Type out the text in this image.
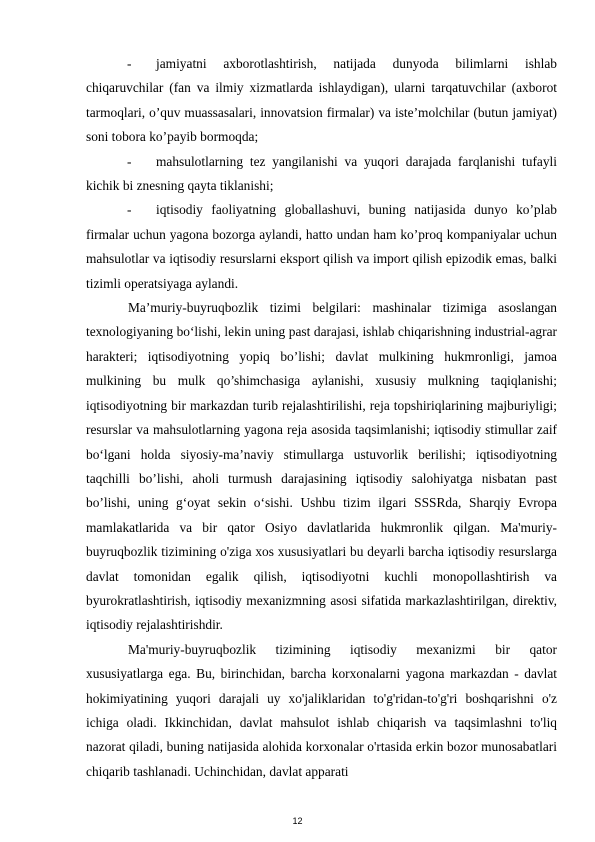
- jamiyatni axborotlashtirish, natijada dunyoda bilimlarni ishlab chiqaruvchilar (fan va ilmiy xizmatlarda ishlaydigan), ularni tarqatuvchilar (axborot tarmoqlari, o’quv muassasalari, innovatsion firmalar) va iste’molchilar (butun jamiyat) soni tobora ko’payib bormoqda;

- mahsulotlarning tez yangilanishi va yuqori darajada farqlanishi tufayli kichik bi znesning qayta tiklanishi;

- iqtisodiy faoliyatning globallashuvi, buning natijasida dunyo ko’plab firmalar uchun yagona bozorga aylandi, hatto undan ham ko’proq kompaniyalar uchun mahsulotlar va iqtisodiy resurslarni eksport qilish va import qilish epizodik emas, balki tizimli operatsiyaga aylandi.

Ma’muriy-buyruqbozlik tizimi belgilari: mashinalar tizimiga asoslangan texnologiyaning bo‘lishi, lekin uning past darajasi, ishlab chiqarishning industrial-agrar harakteri; iqtisodiyotning yopiq bo’lishi; davlat mulkining hukmronligi, jamoa mulkining bu mulk qo’shimchasiga aylanishi, xususiy mulkning taqiqlanishi; iqtisodiyotning bir markazdan turib rejalashtirilishi, reja topshiriqlarining majburiyligi; resurslar va mahsulotlarning yagona reja asosida taqsimlanishi; iqtisodiy stimullar zaif bo‘lgani holda siyosiy-ma’naviy stimullarga ustuvorlik berilishi; iqtisodiyotning taqchilli bo’lishi, aholi turmush darajasining iqtisodiy salohiyatga nisbatan past bo’lishi, uning g‘oyat sekin o‘sishi. Ushbu tizim ilgari SSSRda, Sharqiy Evropa mamlakatlarida va bir qator Osiyo davlatlarida hukmronlik qilgan. Ma'muriy-buyruqbozlik tizimining o'ziga xos xususiyatlari bu deyarli barcha iqtisodiy resurslarga davlat tomonidan egalik qilish, iqtisodiyotni kuchli monopollashtirish va byurokratlashtirish, iqtisodiy mexanizmning asosi sifatida markazlashtirilgan, direktiv, iqtisodiy rejalashtirishdir.

Ma'muriy-buyruqbozlik tizimining iqtisodiy mexanizmi bir qator xususiyatlarga ega. Bu, birinchidan, barcha korxonalarni yagona markazdan - davlat hokimiyatining yuqori darajali uy xo'jaliklaridan to'g'ridan-to'g'ri boshqarishni o'z ichiga oladi. Ikkinchidan, davlat mahsulot ishlab chiqarish va taqsimlashni to'liq nazorat qiladi, buning natijasida alohida korxonalar o'rtasida erkin bozor munosabatlari chiqarib tashlanadi. Uchinchidan, davlat apparati

12
